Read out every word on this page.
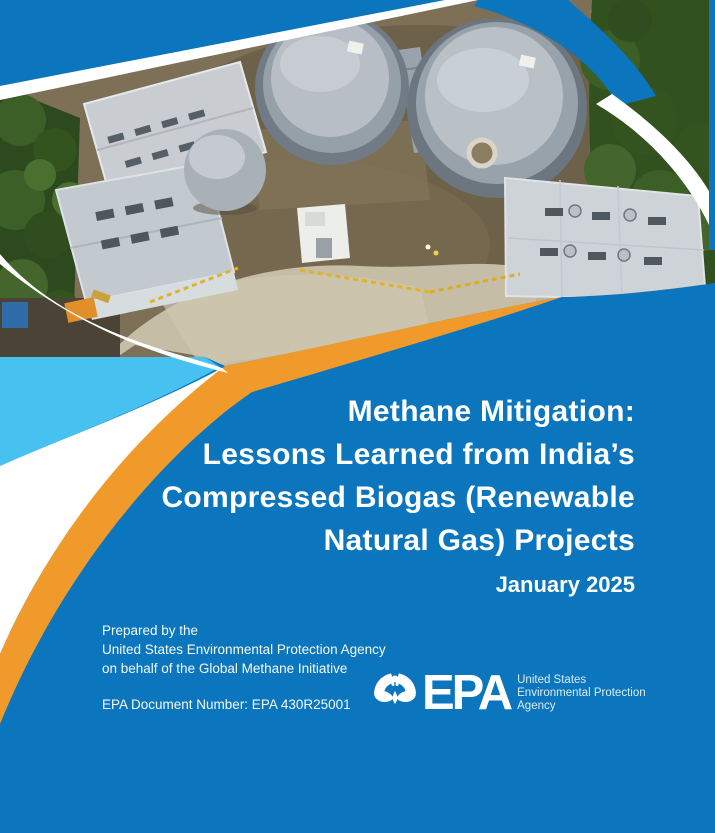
Methane Mitigation:
Lessons Learned from India’s
Compressed Biogas (Renewable
Natural Gas) Projects
January 2025
Prepared by the
United States Environmental Protection Agency
on behalf of the Global Methane Initiative
EPA Document Number: EPA 430R25001	EPA United States
Environmental Protection
Agency
